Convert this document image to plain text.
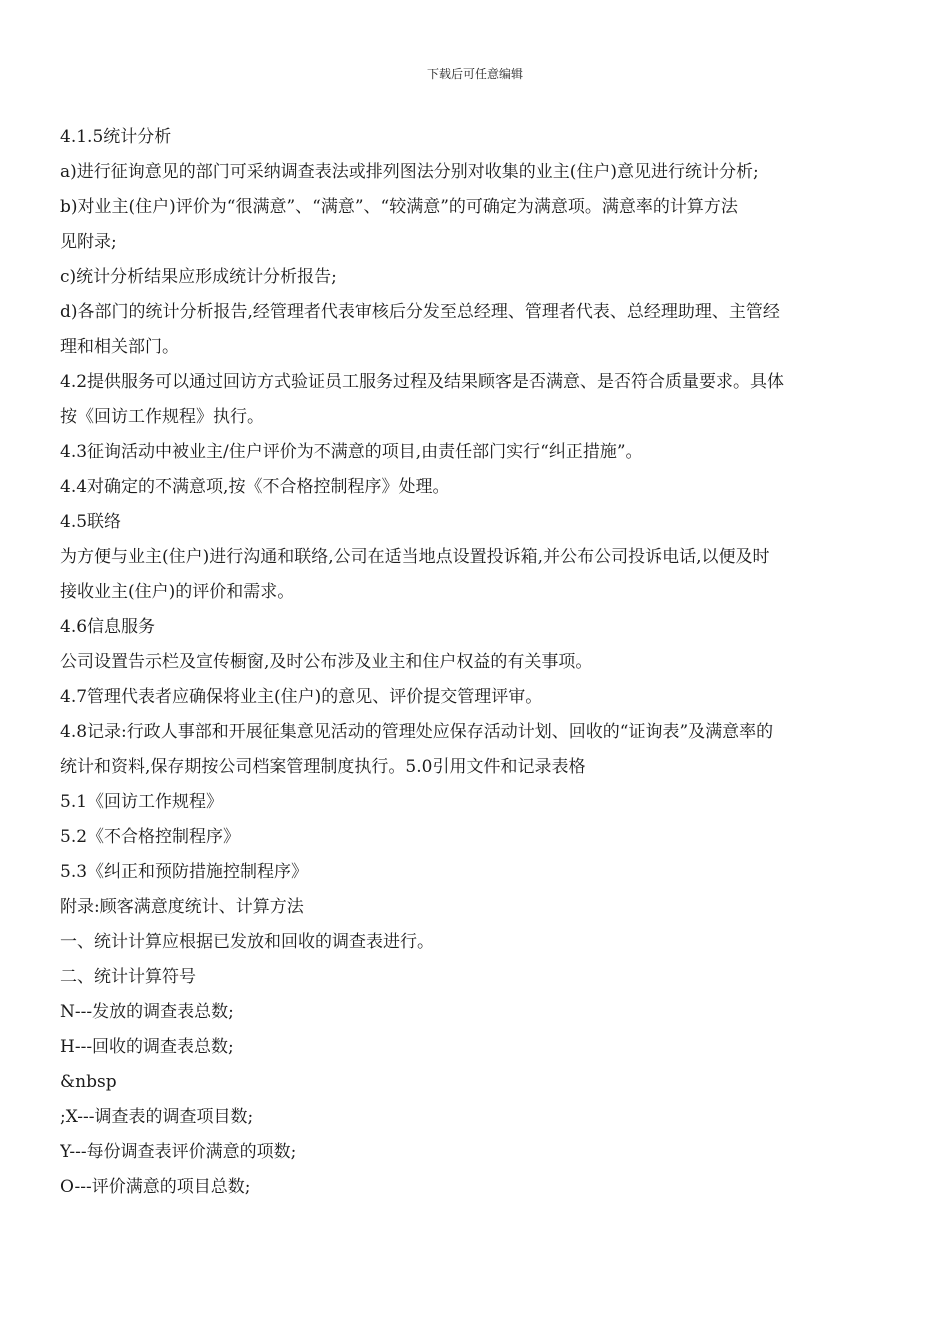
下载后可任意编辑
4.1.5统计分析
a)进行征询意见的部门可采纳调查表法或排列图法分别对收集的业主(住户)意见进行统计分析;
b)对业主(住户)评价为“很满意”、“满意”、“较满意”的可确定为满意项。满意率的计算方法
见附录;
c)统计分析结果应形成统计分析报告;
d)各部门的统计分析报告,经管理者代表审核后分发至总经理、管理者代表、总经理助理、主管经
理和相关部门。
4.2提供服务可以通过回访方式验证员工服务过程及结果顾客是否满意、是否符合质量要求。具体
按《回访工作规程》执行。
4.3征询活动中被业主/住户评价为不满意的项目,由责任部门实行“纠正措施”。
4.4对确定的不满意项,按《不合格控制程序》处理。
4.5联络
为方便与业主(住户)进行沟通和联络,公司在适当地点设置投诉箱,并公布公司投诉电话,以便及时
接收业主(住户)的评价和需求。
4.6信息服务
公司设置告示栏及宣传橱窗,及时公布涉及业主和住户权益的有关事项。
4.7管理代表者应确保将业主(住户)的意见、评价提交管理评审。
4.8记录:行政人事部和开展征集意见活动的管理处应保存活动计划、回收的“证询表”及满意率的
统计和资料,保存期按公司档案管理制度执行。5.0引用文件和记录表格
5.1《回访工作规程》
5.2《不合格控制程序》
5.3《纠正和预防措施控制程序》
附录:顾客满意度统计、计算方法
一、统计计算应根据已发放和回收的调查表进行。
二、统计计算符号
N---发放的调查表总数;
H---回收的调查表总数;
&nbsp
;X---调查表的调查项目数;
Y---每份调查表评价满意的项数;
O---评价满意的项目总数;
